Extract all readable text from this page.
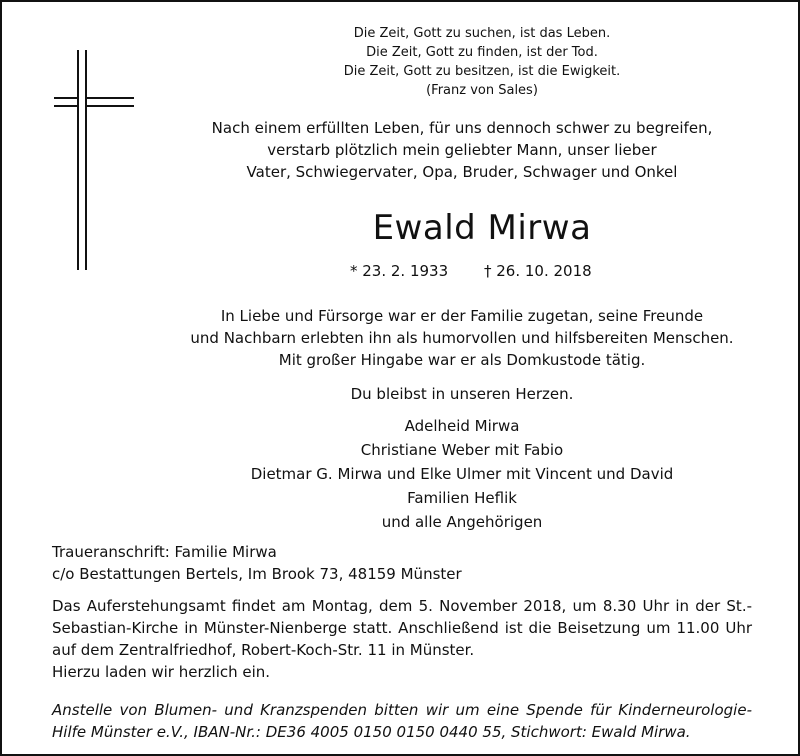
Die Zeit, Gott zu suchen, ist das Leben.
Die Zeit, Gott zu finden, ist der Tod.
Die Zeit, Gott zu besitzen, ist die Ewigkeit.
(Franz von Sales)
Nach einem erfüllten Leben, für uns dennoch schwer zu begreifen,
verstarb plötzlich mein geliebter Mann, unser lieber
Vater, Schwiegervater, Opa, Bruder, Schwager und Onkel
Ewald Mirwa
* 23. 2. 1933 † 26. 10. 2018
In Liebe und Fürsorge war er der Familie zugetan, seine Freunde
und Nachbarn erlebten ihn als humorvollen und hilfsbereiten Menschen.
Mit großer Hingabe war er als Domkustode tätig.
Du bleibst in unseren Herzen.
Adelheid Mirwa
Christiane Weber mit Fabio
Dietmar G. Mirwa und Elke Ulmer mit Vincent und David
Familien Heflik
und alle Angehörigen
Traueranschrift: Familie Mirwa
c/o Bestattungen Bertels, Im Brook 73, 48159 Münster
Das Auferstehungsamt findet am Montag, dem 5. November 2018, um 8.30 Uhr in der St.-Sebastian-Kirche in Münster-Nienberge statt. Anschließend ist die Beisetzung um 11.00 Uhr auf dem Zentralfriedhof, Robert-Koch-Str. 11 in Münster.
Hierzu laden wir herzlich ein.
Anstelle von Blumen- und Kranzspenden bitten wir um eine Spende für Kinderneurologie-Hilfe Münster e.V., IBAN-Nr.: DE36 4005 0150 0150 0440 55, Stichwort: Ewald Mirwa.
